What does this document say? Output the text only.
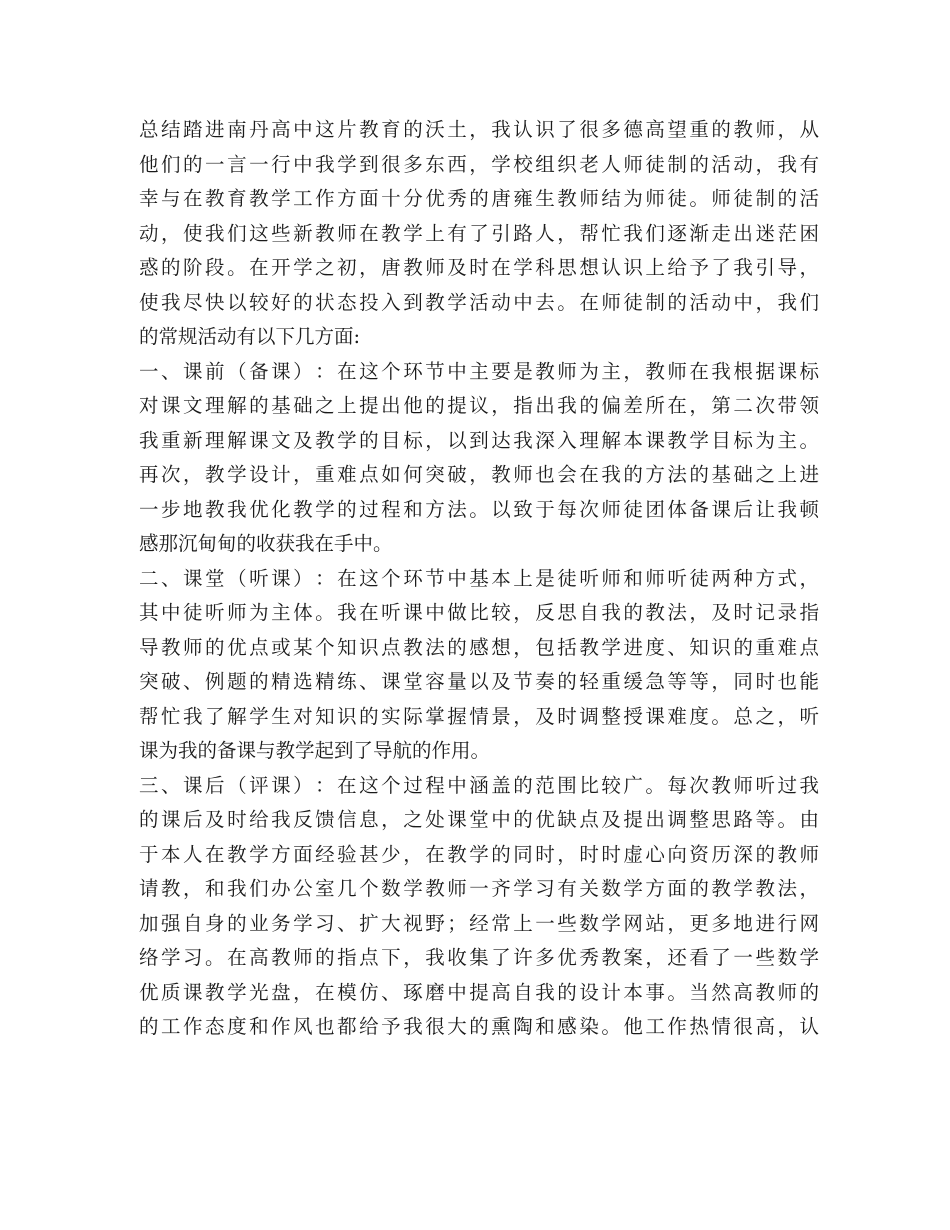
总 结 踏 进 南 丹 高 中 这 片 教 育 的 沃 土 ， 我 认 识 了 很 多 德 高 望 重 的 教 师 ， 从
他 们 的 一 言 一 行 中 我 学 到 很 多 东 西 ， 学 校 组 织 老 人 师 徒 制 的 活 动 ， 我 有
幸 与 在 教 育 教 学 工 作 方 面 十 分 优 秀 的 唐 雍 生 教 师 结 为 师 徒 。 师 徒 制 的 活
动 ， 使 我 们 这 些 新 教 师 在 教 学 上 有 了 引 路 人 ， 帮 忙 我 们 逐 渐 走 出 迷 茫 困
惑 的 阶 段 。 在 开 学 之 初 ， 唐 教 师 及 时 在 学 科 思 想 认 识 上 给 予 了 我 引 导 ，
使 我 尽 快 以 较 好 的 状 态 投 入 到 教 学 活 动 中 去 。 在 师 徒 制 的 活 动 中 ， 我 们
的常规活动有以下几方面:
一 、 课 前 （ 备 课 ） ： 在 这 个 环 节 中 主 要 是 教 师 为 主 ， 教 师 在 我 根 据 课 标
对 课 文 理 解 的 基 础 之 上 提 出 他 的 提 议 ， 指 出 我 的 偏 差 所 在 ， 第 二 次 带 领
我 重 新 理 解 课 文 及 教 学 的 目 标 ， 以 到 达 我 深 入 理 解 本 课 教 学 目 标 为 主 。
再 次 ， 教 学 设 计 ， 重 难 点 如 何 突 破 ， 教 师 也 会 在 我 的 方 法 的 基 础 之 上 进
一 步 地 教 我 优 化 教 学 的 过 程 和 方 法 。 以 致 于 每 次 师 徒 团 体 备 课 后 让 我 顿
感那沉甸甸的收获我在手中。
二 、 课 堂 （ 听 课 ） ： 在 这 个 环 节 中 基 本 上 是 徒 听 师 和 师 听 徒 两 种 方 式 ，
其 中 徒 听 师 为 主 体 。 我 在 听 课 中 做 比 较 ， 反 思 自 我 的 教 法 ， 及 时 记 录 指
导 教 师 的 优 点 或 某 个 知 识 点 教 法 的 感 想 ， 包 括 教 学 进 度 、 知 识 的 重 难 点
突 破 、 例 题 的 精 选 精 练 、 课 堂 容 量 以 及 节 奏 的 轻 重 缓 急 等 等 ， 同 时 也 能
帮 忙 我 了 解 学 生 对 知 识 的 实 际 掌 握 情 景 ， 及 时 调 整 授 课 难 度 。 总 之 ， 听
课为我的备课与教学起到了导航的作用。
三 、 课 后 （ 评 课 ） ： 在 这 个 过 程 中 涵 盖 的 范 围 比 较 广 。 每 次 教 师 听 过 我
的 课 后 及 时 给 我 反 馈 信 息 ， 之 处 课 堂 中 的 优 缺 点 及 提 出 调 整 思 路 等 。 由
于 本 人 在 教 学 方 面 经 验 甚 少 ， 在 教 学 的 同 时 ， 时 时 虚 心 向 资 历 深 的 教 师
请 教 ， 和 我 们 办 公 室 几 个 数 学 教 师 一 齐 学 习 有 关 数 学 方 面 的 教 学 教 法 ，
加 强 自 身 的 业 务 学 习 、 扩 大 视 野 ； 经 常 上 一 些 数 学 网 站 ， 更 多 地 进 行 网
络 学 习 。 在 高 教 师 的 指 点 下 ， 我 收 集 了 许 多 优 秀 教 案 ， 还 看 了 一 些 数 学
优 质 课 教 学 光 盘 ， 在 模 仿 、 琢 磨 中 提 高 自 我 的 设 计 本 事 。 当 然 高 教 师 的
的 工 作 态 度 和 作 风 也 都 给 予 我 很 大 的 熏 陶 和 感 染 。 他 工 作 热 情 很 高 ， 认
